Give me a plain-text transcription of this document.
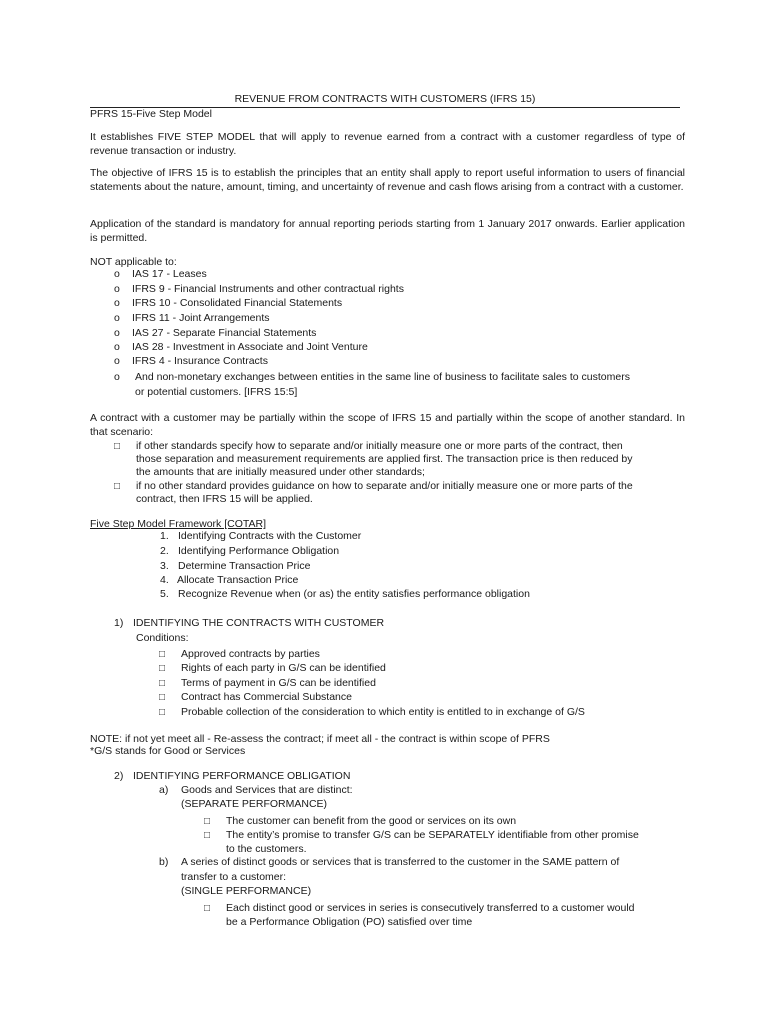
REVENUE FROM CONTRACTS WITH CUSTOMERS (IFRS 15)
PFRS 15-Five Step Model
It establishes FIVE STEP MODEL that will apply to revenue earned from a contract with a customer regardless of type of revenue transaction or industry.
The objective of IFRS 15 is to establish the principles that an entity shall apply to report useful information to users of financial statements about the nature, amount, timing, and uncertainty of revenue and cash flows arising from a contract with a customer.
Application of the standard is mandatory for annual reporting periods starting from 1 January 2017 onwards. Earlier application is permitted.
NOT applicable to:
o IAS 17 - Leases
o IFRS 9 - Financial Instruments and other contractual rights
o IFRS 10 - Consolidated Financial Statements
o IFRS 11 - Joint Arrangements
o IAS 27 - Separate Financial Statements
o IAS 28 - Investment in Associate and Joint Venture
o IFRS 4 - Insurance Contracts
o And non-monetary exchanges between entities in the same line of business to facilitate sales to customers
or potential customers. [IFRS 15:5]
A contract with a customer may be partially within the scope of IFRS 15 and partially within the scope of another standard. In that scenario:
□ if other standards specify how to separate and/or initially measure one or more parts of the contract, then
those separation and measurement requirements are applied first. The transaction price is then reduced by
the amounts that are initially measured under other standards;
□ if no other standard provides guidance on how to separate and/or initially measure one or more parts of the
contract, then IFRS 15 will be applied.
Five Step Model Framework [COTAR]
1. Identifying Contracts with the Customer
2. Identifying Performance Obligation
3. Determine Transaction Price
4. Allocate Transaction Price
5. Recognize Revenue when (or as) the entity satisfies performance obligation
1) IDENTIFYING THE CONTRACTS WITH CUSTOMER
Conditions:
□ Approved contracts by parties
□ Rights of each party in G/S can be identified
□ Terms of payment in G/S can be identified
□ Contract has Commercial Substance
□ Probable collection of the consideration to which entity is entitled to in exchange of G/S
NOTE: if not yet meet all - Re-assess the contract; if meet all - the contract is within scope of PFRS
*G/S stands for Good or Services
2) IDENTIFYING PERFORMANCE OBLIGATION
a) Goods and Services that are distinct:
(SEPARATE PERFORMANCE)
□ The customer can benefit from the good or services on its own
□ The entity’s promise to transfer G/S can be SEPARATELY identifiable from other promise
to the customers.
b) A series of distinct goods or services that is transferred to the customer in the SAME pattern of
transfer to a customer:
(SINGLE PERFORMANCE)
□ Each distinct good or services in series is consecutively transferred to a customer would
be a Performance Obligation (PO) satisfied over time
